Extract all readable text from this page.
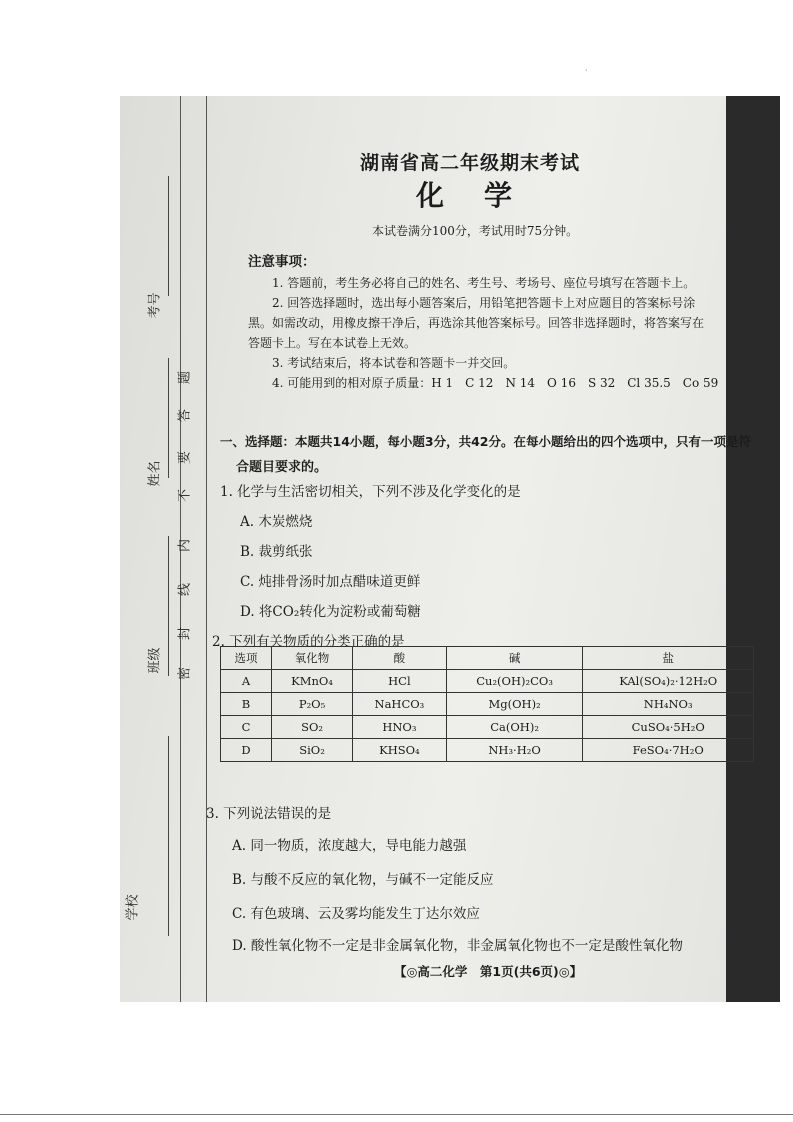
考号
姓名
班级
学校
题
答
要
不
内
线
封
密
湖南省高二年级期末考试
化学
本试卷满分100分，考试用时75分钟。
注意事项：
1. 答题前，考生务必将自己的姓名、考生号、考场号、座位号填写在答题卡上。
2. 回答选择题时，选出每小题答案后，用铅笔把答题卡上对应题目的答案标号涂
黑。如需改动，用橡皮擦干净后，再选涂其他答案标号。回答非选择题时，将答案写在
答题卡上。写在本试卷上无效。
3. 考试结束后，将本试卷和答题卡一并交回。
4. 可能用到的相对原子质量：H 1　C 12　N 14　O 16　S 32　Cl 35.5　Co 59
一、选择题：本题共14小题，每小题3分，共42分。在每小题给出的四个选项中，只有一项是符
合题目要求的。
1. 化学与生活密切相关，下列不涉及化学变化的是
A. 木炭燃烧
B. 裁剪纸张
C. 炖排骨汤时加点醋味道更鲜
D. 将CO₂转化为淀粉或葡萄糖
2. 下列有关物质的分类正确的是
选项	氧化物	酸	碱	盐
A	KMnO₄	HCl	Cu₂(OH)₂CO₃	KAl(SO₄)₂·12H₂O
B	P₂O₅	NaHCO₃	Mg(OH)₂	NH₄NO₃
C	SO₂	HNO₃	Ca(OH)₂	CuSO₄·5H₂O
D	SiO₂	KHSO₄	NH₃·H₂O	FeSO₄·7H₂O
3. 下列说法错误的是
A. 同一物质，浓度越大，导电能力越强
B. 与酸不反应的氧化物，与碱不一定能反应
C. 有色玻璃、云及雾均能发生丁达尔效应
D. 酸性氧化物不一定是非金属氧化物，非金属氧化物也不一定是酸性氧化物
【◎高二化学　第1页(共6页)◎】
·
